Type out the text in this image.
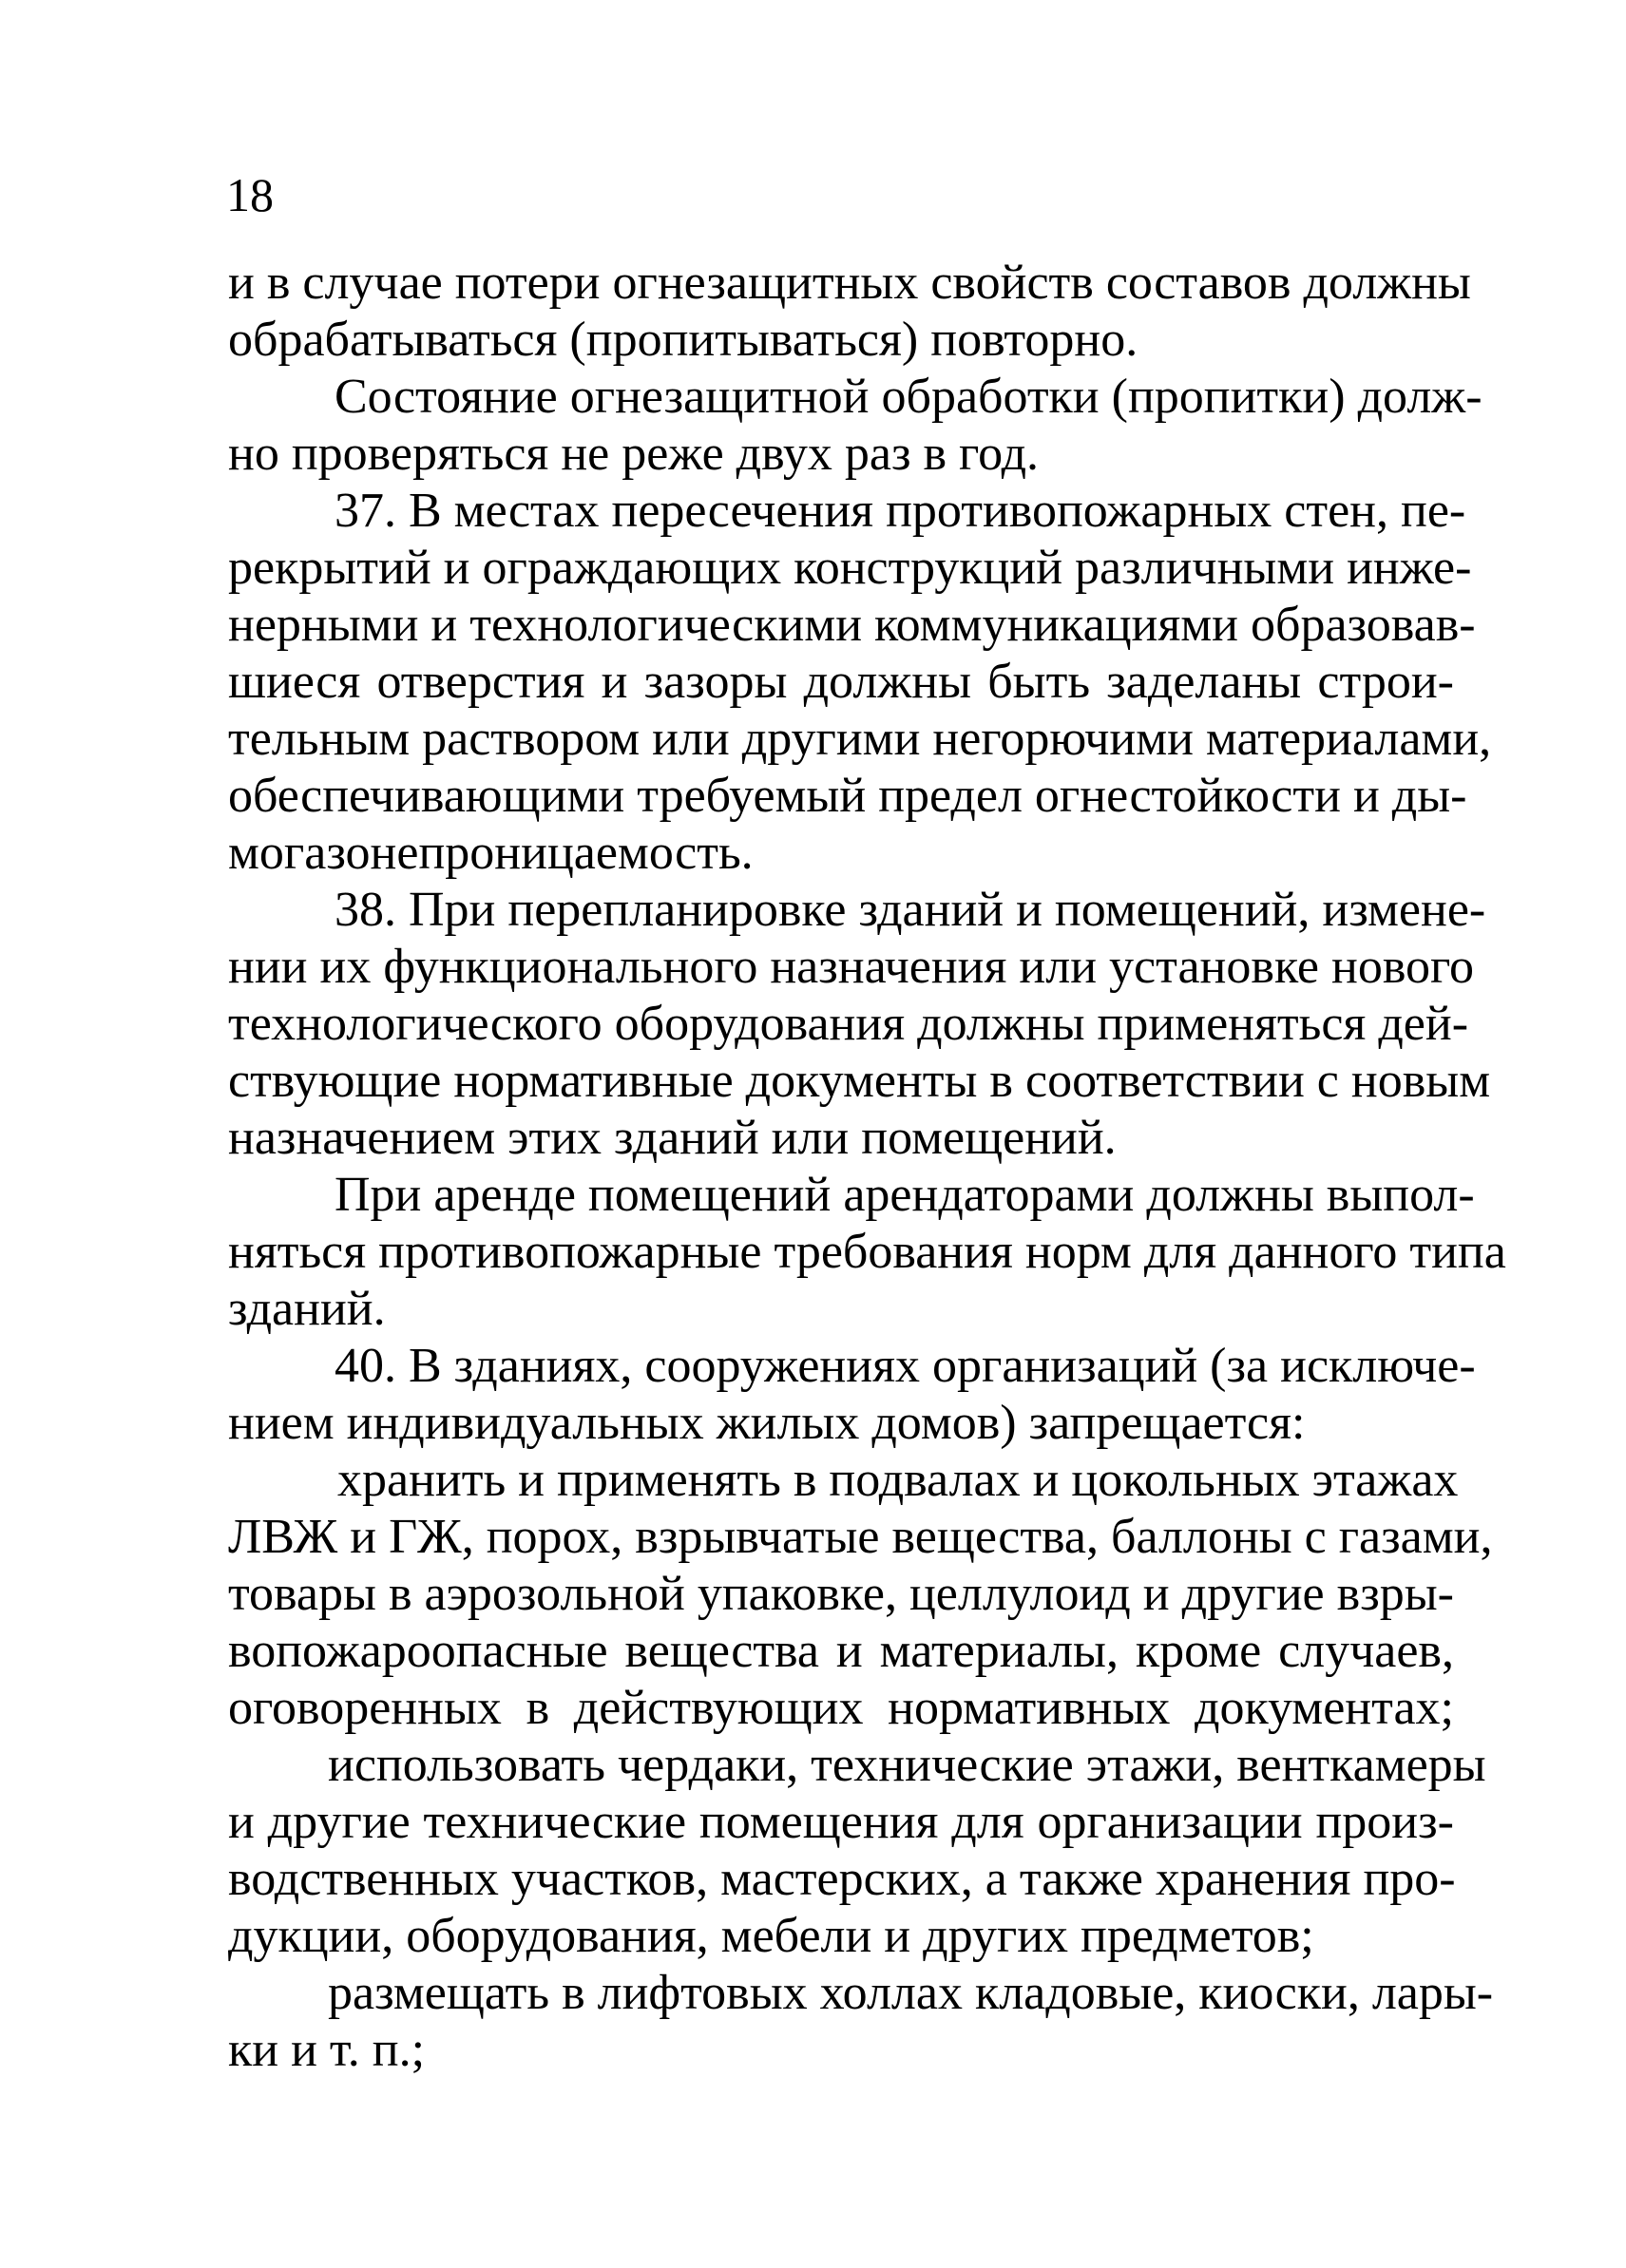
18
и в случае потери огнезащитных свойств составов должны
обрабатываться (пропитываться) повторно.
Состояние огнезащитной обработки (пропитки) долж-
но проверяться не реже двух раз в год.
37. В местах пересечения противопожарных стен, пе-
рекрытий и ограждающих конструкций различными инже-
нерными и технологическими коммуникациями образовав-
шиеся отверстия и зазоры должны быть заделаны строи-
тельным раствором или другими негорючими материалами,
обеспечивающими требуемый предел огнестойкости и ды-
могазонепроницаемость.
38. При перепланировке зданий и помещений, измене-
нии их функционального назначения или установке нового
технологического оборудования должны применяться дей-
ствующие нормативные документы в соответствии с новым
назначением этих зданий или помещений.
При аренде помещений арендаторами должны выпол-
няться противопожарные требования норм для данного типа
зданий.
40. В зданиях, сооружениях организаций (за исключе-
нием индивидуальных жилых домов) запрещается:
хранить и применять в подвалах и цокольных этажах
ЛВЖ и ГЖ, порох, взрывчатые вещества, баллоны с газами,
товары в аэрозольной упаковке, целлулоид и другие взры-
вопожароопасные вещества и материалы, кроме случаев,
оговоренных в действующих нормативных документах;
использовать чердаки, технические этажи, венткамеры
и другие технические помещения для организации произ-
водственных участков, мастерских, а также хранения про-
дукции, оборудования, мебели и других предметов;
размещать в лифтовых холлах кладовые, киоски, лары-
ки и т. п.;
